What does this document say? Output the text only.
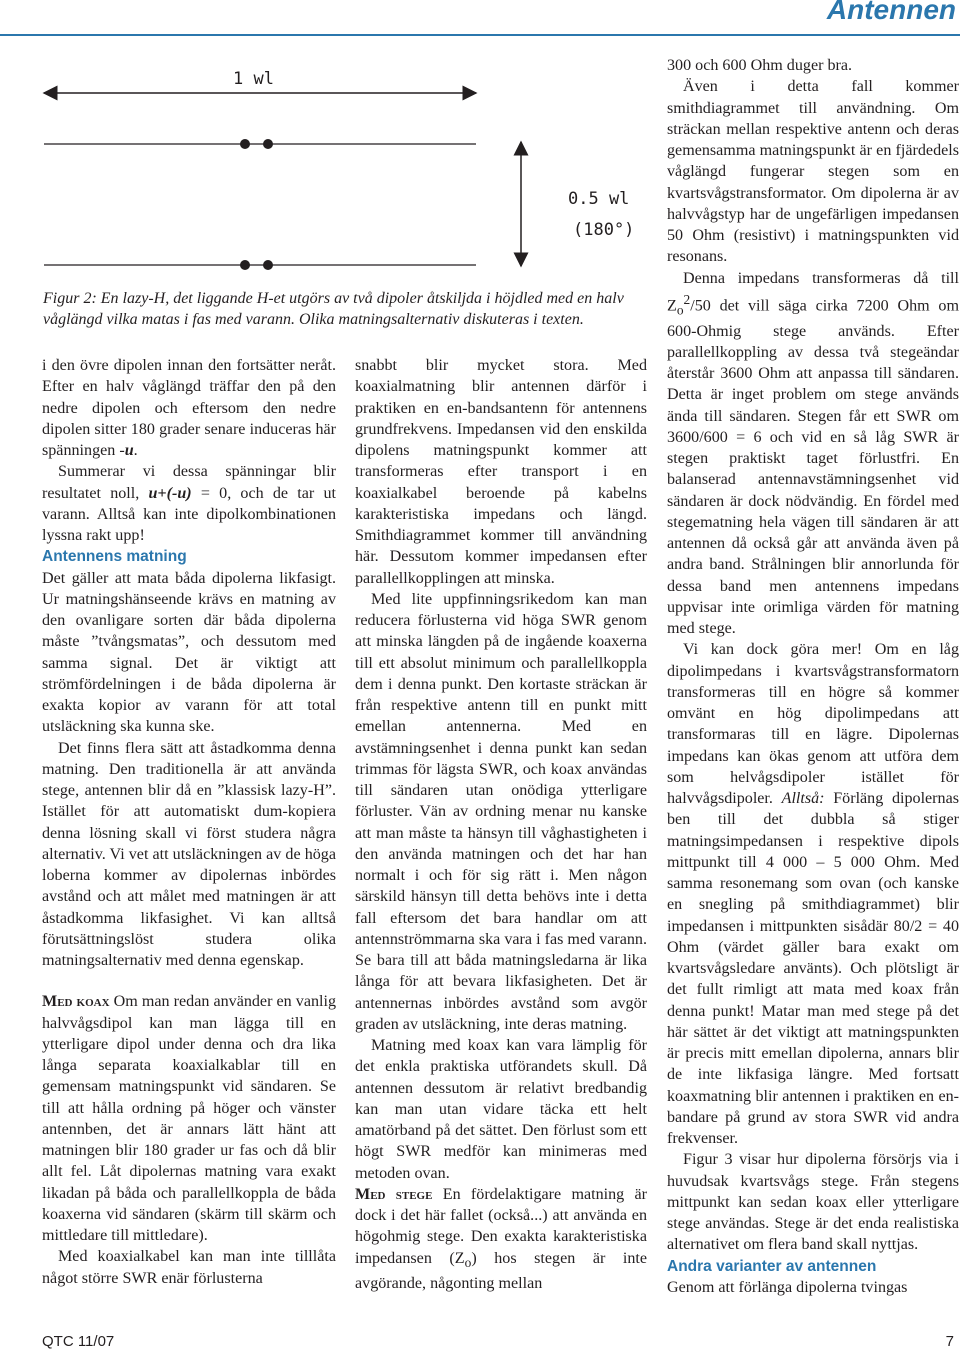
Antennen
1 wl
0.5 wl
(180°)
Figur 2: En lazy-H, det liggande H-et utgörs av två dipoler åtskiljda i höjdled med en halv våglängd vilka matas i fas med varann. Olika matningsalternativ diskuteras i texten.

i den övre dipolen innan den fortsätter neråt. Efter en halv våglängd träffar den på den nedre dipolen och eftersom den nedre dipolen sitter 180 grader senare induceras här spänningen -u.

Summerar vi dessa spänningar blir resultatet noll, u+(-u) = 0, och de tar ut varann. Alltså kan inte dipolkombinationen lyssna rakt upp!

Antennens matning

Det gäller att mata båda dipolerna likfasigt. Ur matningshänseende krävs en matning av den ovanligare sorten där båda dipolerna måste ”tvångsmatas”, och dessutom med samma signal. Det är viktigt att strömfördelningen i de båda dipolerna är exakta kopior av varann för att total utsläckning ska kunna ske.

Det finns flera sätt att åstadkomma denna matning. Den traditionella är att använda stege, antennen blir då en ”klassisk lazy-H”. Istället för att automatiskt dum-kopiera denna lösning skall vi först studera några alternativ. Vi vet att utsläckningen av de höga loberna kommer av dipolernas inbördes avstånd och att målet med matningen är att åstadkomma likfasighet. Vi kan alltså förutsättningslöst studera olika matningsalternativ med denna egenskap.

Med koax Om man redan använder en vanlig halvvågsdipol kan man lägga till en ytterligare dipol under denna och dra lika långa separata koaxialkablar till en gemensam matningspunkt vid sändaren. Se till att hålla ordning på höger och vänster antennben, det är annars lätt hänt att matningen blir 180 grader ur fas och då blir allt fel. Låt dipolernas matning vara exakt likadan på båda och parallellkoppla de båda koaxerna vid sändaren (skärm till skärm och mittledare till mittledare).

Med koaxialkabel kan man inte tilllåta något större SWR enär förlusterna

snabbt blir mycket stora. Med koaxialmatning blir antennen därför i praktiken en en-bandsantenn för antennens grundfrekvens. Impedansen vid den enskilda dipolens matningspunkt kommer att transformeras efter transport i en koaxialkabel beroende på kabelns karakteristiska impedans och längd. Smithdiagrammet kommer till användning här. Dessutom kommer impedansen efter parallellkopplingen att minska.

Med lite uppfinningsrikedom kan man reducera förlusterna vid höga SWR genom att minska längden på de ingående koaxerna till ett absolut minimum och parallellkoppla dem i denna punkt. Den kortaste sträckan är från respektive antenn till en punkt mitt emellan antennerna. Med en avstämningsenhet i denna punkt kan sedan trimmas för lägsta SWR, och koax användas till sändaren utan onödiga ytterligare förluster. Vän av ordning menar nu kanske att man måste ta hänsyn till våghastigheten i den använda matningen och det har han normalt i och för sig rätt i. Men någon särskild hänsyn till detta behövs inte i detta fall eftersom det bara handlar om att antennströmmarna ska vara i fas med varann. Se bara till att båda matningsledarna är lika långa för att bevara likfasigheten. Det är antennernas inbördes avstånd som avgör graden av utsläckning, inte deras matning.

Matning med koax kan vara lämplig för det enkla praktiska utförandets skull. Då antennen dessutom är relativt bredbandig kan man utan vidare täcka ett helt amatörband på det sättet. Den förlust som ett högt SWR medför kan minimeras med metoden ovan.

Med stege En fördelaktigare matning är dock i det här fallet (också...) att använda en högohmig stege. Den exakta karakteristiska impedansen $(Z_o)$ hos stegen är inte avgörande, någonting mellan

300 och 600 Ohm duger bra.

Även i detta fall kommer smithdiagrammet till användning. Om sträckan mellan respektive antenn och deras gemensamma matningspunkt är en fjärdedels våglängd fungerar stegen som en kvartsvågstransformator. Om dipolerna är av halvvågstyp har de ungefärligen impedansen 50 Ohm (resistivt) i matningspunkten vid resonans.

Denna impedans transformeras då till $Z_o^2/50$ det vill säga cirka 7200 Ohm om 600-Ohmig stege används. Efter parallellkoppling av dessa två stegeändar återstår 3600 Ohm att anpassa till sändaren. Detta är inget problem om stege används ända till sändaren. Stegen får ett SWR om 3600/600 = 6 och vid en så låg SWR är stegen praktiskt taget förlustfri. En balanserad antennavstämningsenhet vid sändaren är dock nödvändig. En fördel med stegematning hela vägen till sändaren är att antennen då också går att använda även på andra band. Strålningen blir annorlunda för dessa band men antennens impedans uppvisar inte orimliga värden för matning med stege.

Vi kan dock göra mer! Om en låg dipolimpedans i kvartsvågstransformatorn transformeras till en högre så kommer omvänt en hög dipolimpedans att transformaras till en lägre. Dipolernas impedans kan ökas genom att utföra dem som helvågsdipoler istället för halvvågsdipoler. Alltså: Förläng dipolernas ben till det dubbla så stiger matningsimpedansen i respektive dipols mittpunkt till 4 000 – 5 000 Ohm. Med samma resonemang som ovan (och kanske en snegling på smithdiagrammet) blir impedansen i mittpunkten sisådär 80/2 = 40 Ohm (värdet gäller bara exakt om kvartsvågsledare använts). Och plötsligt är det fullt rimligt att mata med koax från denna punkt! Matar man med stege på det här sättet är det viktigt att matningspunkten är precis mitt emellan dipolerna, annars blir de inte likfasiga längre. Med fortsatt koaxmatning blir antennen i praktiken en en-bandare på grund av stora SWR vid andra frekvenser.

Figur 3 visar hur dipolerna försörjs via i huvudsak kvartsvågs stege. Från stegens mittpunkt kan sedan koax eller ytterligare stege användas. Stege är det enda realistiska alternativet om flera band skall nyttjas.

Andra varianter av antennen

Genom att förlänga dipolerna tvingas

QTC 11/07	7
